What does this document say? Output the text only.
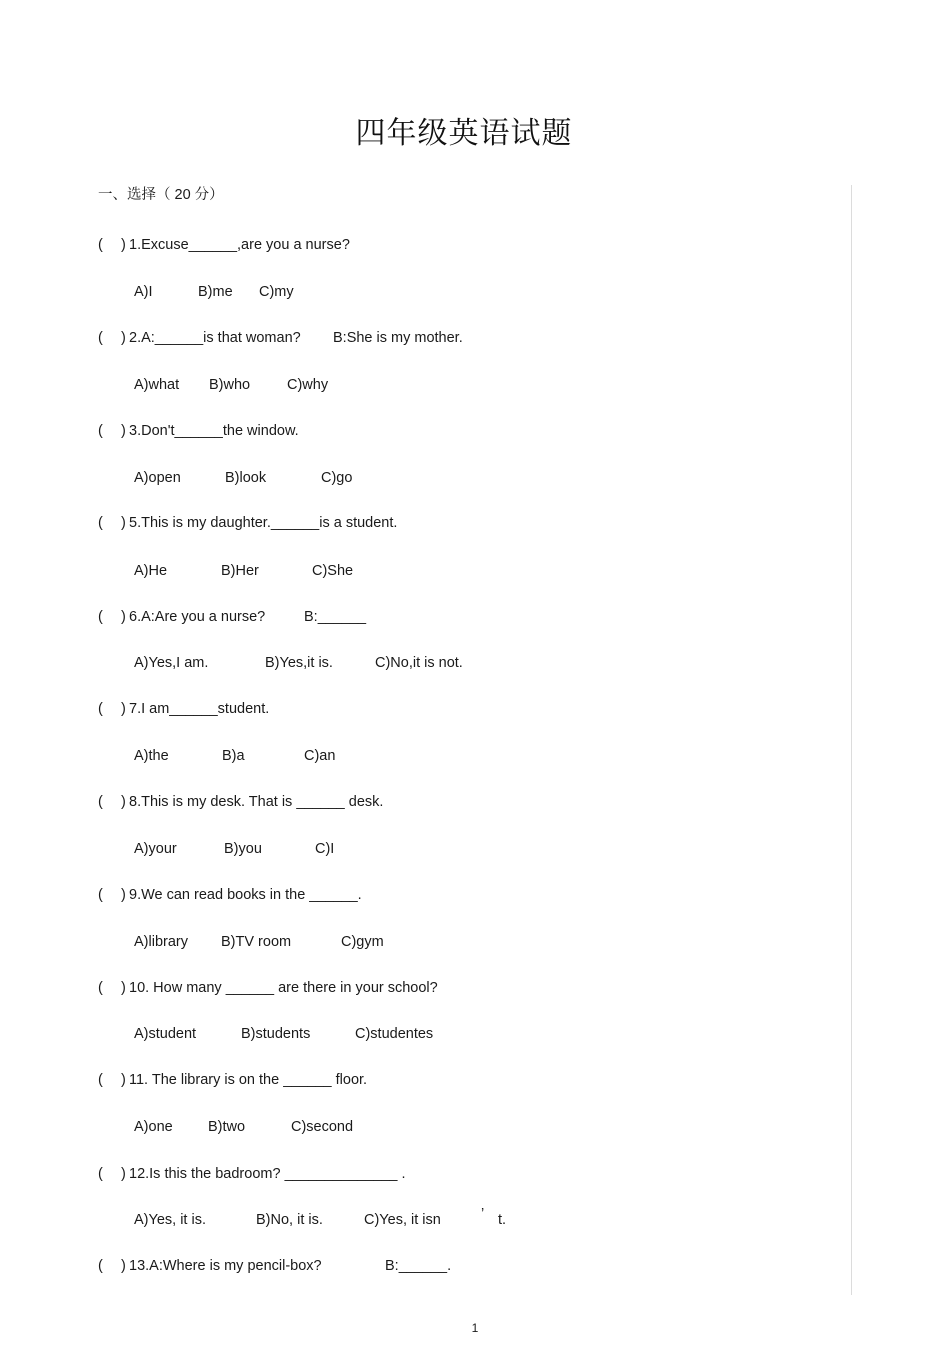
四年级英语试题
一、选择（ 20 分）
( ) 1.Excuse______,are you a nurse?
A)I	B)me C)my
( ) 2.A:______is that woman? B:She is my mother.
A)what B)who	C)why
( ) 3.Don't______the window.
A)open	B)look	C)go
( ) 5.This is my daughter.______is a student.
A)He	B)Her	C)She
( ) 6.A:Are you a nurse?	B:______
A)Yes,I am.	B)Yes,it is.	C)No,it is not.
( ) 7.I am______student.
A)the	B)a	C)an
( ) 8.This is my desk. That is ______ desk.
A)your	B)you	C)I
( ) 9.We can read books in the ______.
A)library B)TV room	C)gym
( ) 10. How many ______ are there in your school?
A)student	B)students	C)studentes
( ) 11. The library is on the ______ floor.
A)one B)two	C)second
( ) 12.Is this the badroom? ______________ .
A)Yes, it is.	B)No, it is.	C)Yes, it isn	’ t.
( ) 13.A:Where is my pencil-box?	B:______.
1
